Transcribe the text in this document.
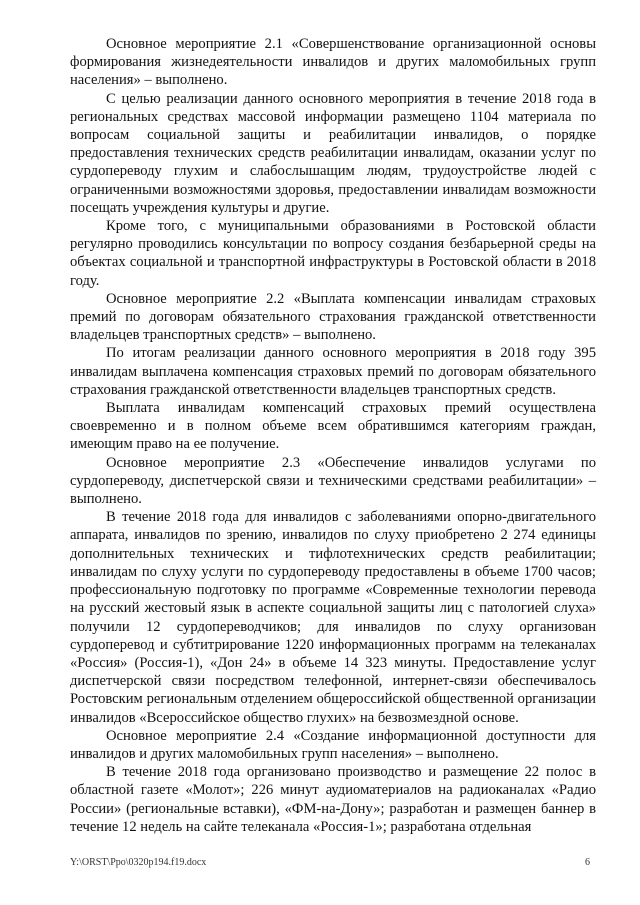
Основное мероприятие 2.1 «Совершенствование организационной основы формирования жизнедеятельности инвалидов и других маломобильных групп населения» – выполнено.

С целью реализации данного основного мероприятия в течение 2018 года в региональных средствах массовой информации размещено 1104 материала по вопросам социальной защиты и реабилитации инвалидов, о порядке предоставления технических средств реабилитации инвалидам, оказании услуг по сурдопереводу глухим и слабослышащим людям, трудоустройстве людей с ограниченными возможностями здоровья, предоставлении инвалидам возможности посещать учреждения культуры и другие.

Кроме того, с муниципальными образованиями в Ростовской области регулярно проводились консультации по вопросу создания безбарьерной среды на объектах социальной и транспортной инфраструктуры в Ростовской области в 2018 году.

Основное мероприятие 2.2 «Выплата компенсации инвалидам страховых премий по договорам обязательного страхования гражданской ответственности владельцев транспортных средств» – выполнено.

По итогам реализации данного основного мероприятия в 2018 году 395 инвалидам выплачена компенсация страховых премий по договорам обязательного страхования гражданской ответственности владельцев транспортных средств.

Выплата инвалидам компенсаций страховых премий осуществлена своевременно и в полном объеме всем обратившимся категориям граждан, имеющим право на ее получение.

Основное мероприятие 2.3 «Обеспечение инвалидов услугами по сурдопереводу, диспетчерской связи и техническими средствами реабилитации» – выполнено.

В течение 2018 года для инвалидов с заболеваниями опорно-двигательного аппарата, инвалидов по зрению, инвалидов по слуху приобретено 2 274 единицы дополнительных технических и тифлотехнических средств реабилитации; инвалидам по слуху услуги по сурдопереводу предоставлены в объеме 1700 часов; профессиональную подготовку по программе «Современные технологии перевода на русский жестовый язык в аспекте социальной защиты лиц с патологией слуха» получили 12 сурдопереводчиков; для инвалидов по слуху организован сурдоперевод и субтитрирование 1220 информационных программ на телеканалах «Россия» (Россия-1), «Дон 24» в объеме 14 323 минуты. Предоставление услуг диспетчерской связи посредством телефонной, интернет-связи обеспечивалось Ростовским региональным отделением общероссийской общественной организации инвалидов «Всероссийское общество глухих» на безвозмездной основе.

Основное мероприятие 2.4 «Создание информационной доступности для инвалидов и других маломобильных групп населения» – выполнено.

В течение 2018 года организовано производство и размещение 22 полос в областной газете «Молот»; 226 минут аудиоматериалов на радиоканалах «Радио России» (региональные вставки), «ФМ-на-Дону»; разработан и размещен баннер в течение 12 недель на сайте телеканала «Россия-1»; разработана отдельная

Y:\ORST\Ppo\0320p194.f19.docx	6
